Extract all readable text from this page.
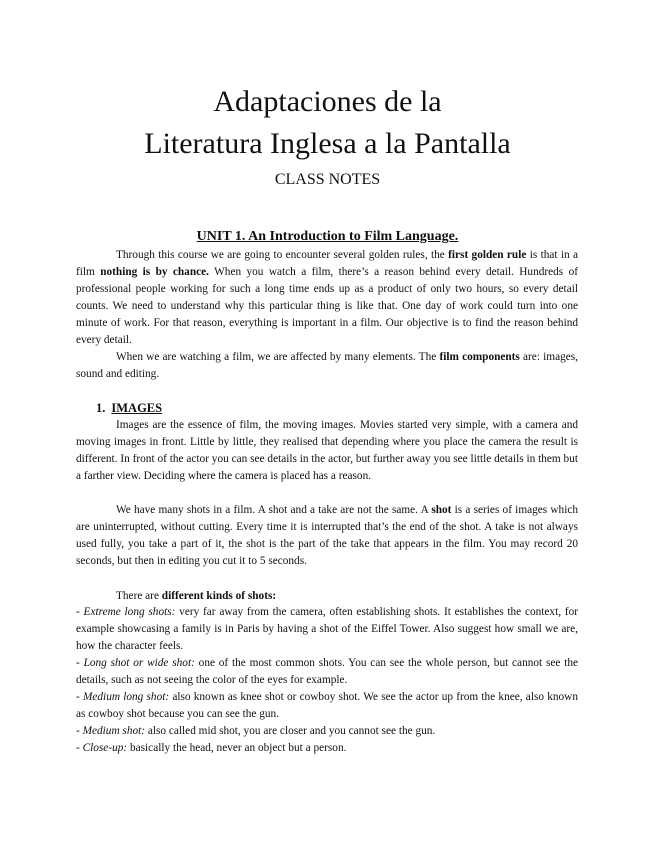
Adaptaciones de la
Literatura Inglesa a la Pantalla
CLASS NOTES
UNIT 1. An Introduction to Film Language.

Through this course we are going to encounter several golden rules, the first golden rule is that in a film nothing is by chance. When you watch a film, there’s a reason behind every detail. Hundreds of professional people working for such a long time ends up as a product of only two hours, so every detail counts. We need to understand why this particular thing is like that. One day of work could turn into one minute of work. For that reason, everything is important in a film. Our objective is to find the reason behind every detail.

When we are watching a film, we are affected by many elements. The film components are: images, sound and editing.

1. IMAGES

Images are the essence of film, the moving images. Movies started very simple, with a camera and moving images in front. Little by little, they realised that depending where you place the camera the result is different. In front of the actor you can see details in the actor, but further away you see little details in them but a farther view. Deciding where the camera is placed has a reason.

We have many shots in a film. A shot and a take are not the same. A shot is a series of images which are uninterrupted, without cutting. Every time it is interrupted that’s the end of the shot. A take is not always used fully, you take a part of it, the shot is the part of the take that appears in the film. You may record 20 seconds, but then in editing you cut it to 5 seconds.

There are different kinds of shots:

- Extreme long shots: very far away from the camera, often establishing shots. It establishes the context, for example showcasing a family is in Paris by having a shot of the Eiffel Tower. Also suggest how small we are, how the character feels.
- Long shot or wide shot: one of the most common shots. You can see the whole person, but cannot see the details, such as not seeing the color of the eyes for example.
- Medium long shot: also known as knee shot or cowboy shot. We see the actor up from the knee, also known as cowboy shot because you can see the gun.
- Medium shot: also called mid shot, you are closer and you cannot see the gun.
- Close-up: basically the head, never an object but a person.
